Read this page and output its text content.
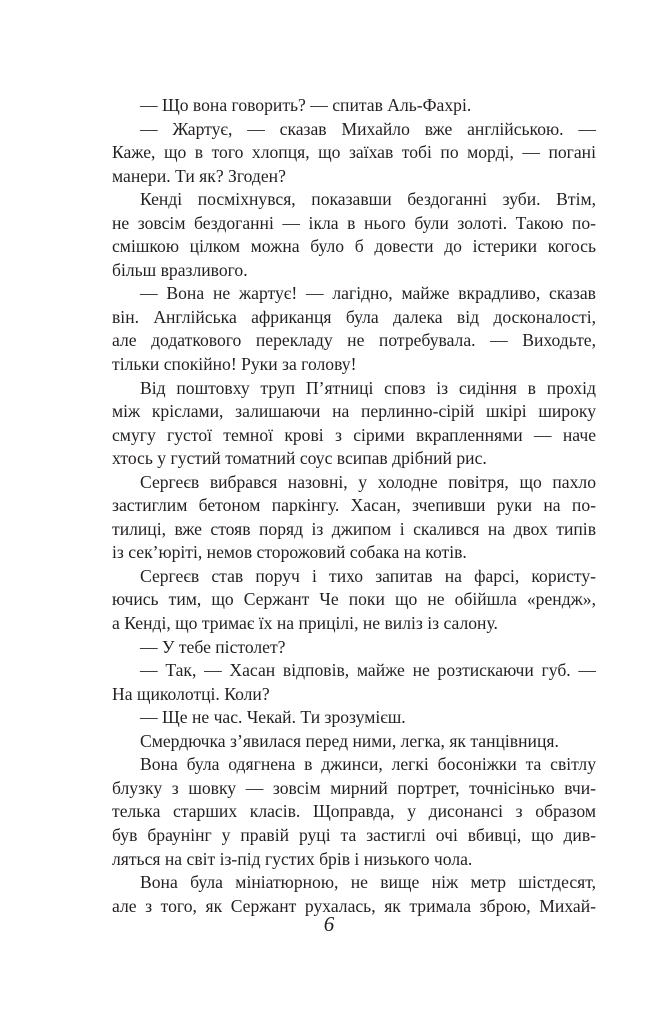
— Що вона говорить? — спитав Аль-Фахрі.
— Жартує, — сказав Михайло вже англійською. —
Каже, що в того хлопця, що заїхав тобі по морді, — погані
манери. Ти як? Згоден?
Кенді посміхнувся, показавши бездоганні зуби. Втім,
не зовсім бездоганні — ікла в нього були золоті. Такою по-
смішкою цілком можна було б довести до істерики когось
більш вразливого.
— Вона не жартує! — лагідно, майже вкрадливо, сказав
він. Англійська африканця була далека від досконалості,
але додаткового перекладу не потребувала. — Виходьте,
тільки спокійно! Руки за голову!
Від поштовху труп П’ятниці сповз із сидіння в прохід
між кріслами, залишаючи на перлинно-сірій шкірі широку
смугу густої темної крові з сірими вкрапленнями — наче
хтось у густий томатний соус всипав дрібний рис.
Сергеєв вибрався назовні, у холодне повітря, що пахло
застиглим бетоном паркінгу. Хасан, зчепивши руки на по-
тилиці, вже стояв поряд із джипом і скалився на двох типів
із сек’юріті, немов сторожовий собака на котів.
Сергеєв став поруч і тихо запитав на фарсі, користу-
ючись тим, що Сержант Че поки що не обійшла «рендж»,
а Кенді, що тримає їх на прицілі, не виліз із салону.
— У тебе пістолет?
— Так, — Хасан відповів, майже не розтискаючи губ. —
На щиколотці. Коли?
— Ще не час. Чекай. Ти зрозумієш.
Смердючка з’явилася перед ними, легка, як танцівниця.
Вона була одягнена в джинси, легкі босоніжки та світлу
блузку з шовку — зовсім мирний портрет, точнісінько вчи-
телька старших класів. Щоправда, у дисонансі з образом
був браунінг у правій руці та застиглі очі вбивці, що див-
ляться на світ із-під густих брів і низького чола.
Вона була мініатюрною, не вище ніж метр шістдесят,
але з того, як Сержант рухалась, як тримала зброю, Михай-
6
